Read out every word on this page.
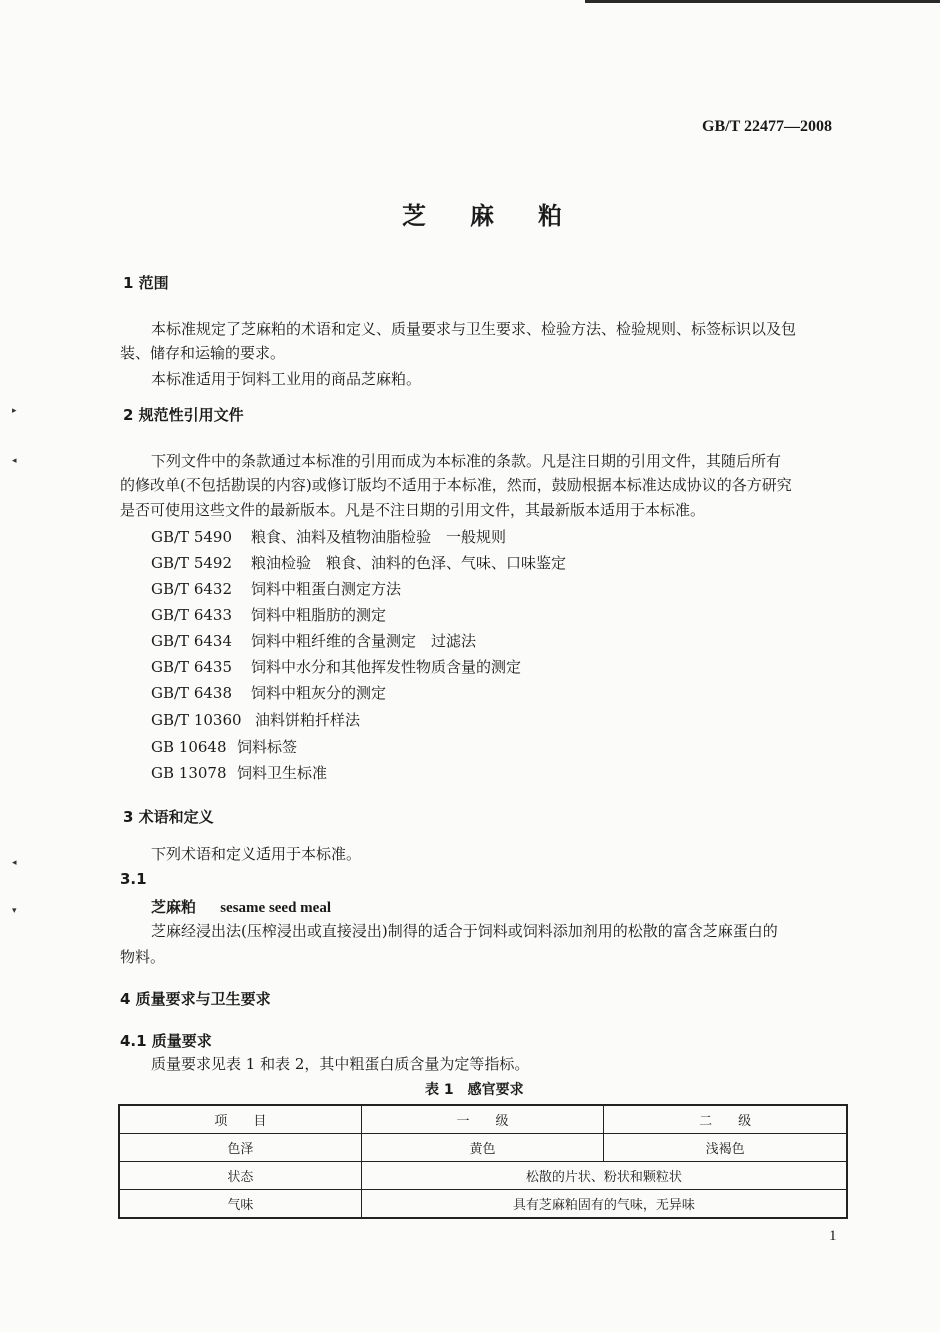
GB/T 22477—2008
芝麻粕
1 范围
本标准规定了芝麻粕的术语和定义、质量要求与卫生要求、检验方法、检验规则、标签标识以及包
装、储存和运输的要求。
本标准适用于饲料工业用的商品芝麻粕。
2 规范性引用文件
下列文件中的条款通过本标准的引用而成为本标准的条款。凡是注日期的引用文件，其随后所有
的修改单(不包括勘误的内容)或修订版均不适用于本标准，然而，鼓励根据本标准达成协议的各方研究
是否可使用这些文件的最新版本。凡是不注日期的引用文件，其最新版本适用于本标准。
GB/T 5490 粮食、油料及植物油脂检验　一般规则
GB/T 5492 粮油检验　粮食、油料的色泽、气味、口味鉴定
GB/T 6432 饲料中粗蛋白测定方法
GB/T 6433 饲料中粗脂肪的测定
GB/T 6434 饲料中粗纤维的含量测定　过滤法
GB/T 6435 饲料中水分和其他挥发性物质含量的测定
GB/T 6438 饲料中粗灰分的测定
GB/T 10360 油料饼粕扦样法
GB 10648 饲料标签
GB 13078 饲料卫生标准
3 术语和定义
下列术语和定义适用于本标准。
3.1
芝麻粕 sesame seed meal
芝麻经浸出法(压榨浸出或直接浸出)制得的适合于饲料或饲料添加剂用的松散的富含芝麻蛋白的
物料。
4 质量要求与卫生要求
4.1 质量要求
质量要求见表 1 和表 2，其中粗蛋白质含量为定等指标。
表 1　感官要求
项　　目	一　　级	二　　级
色泽	黄色	浅褐色
状态	松散的片状、粉状和颗粒状	
气味	具有芝麻粕固有的气味，无异味	
1
▸
◂
◂
▾
